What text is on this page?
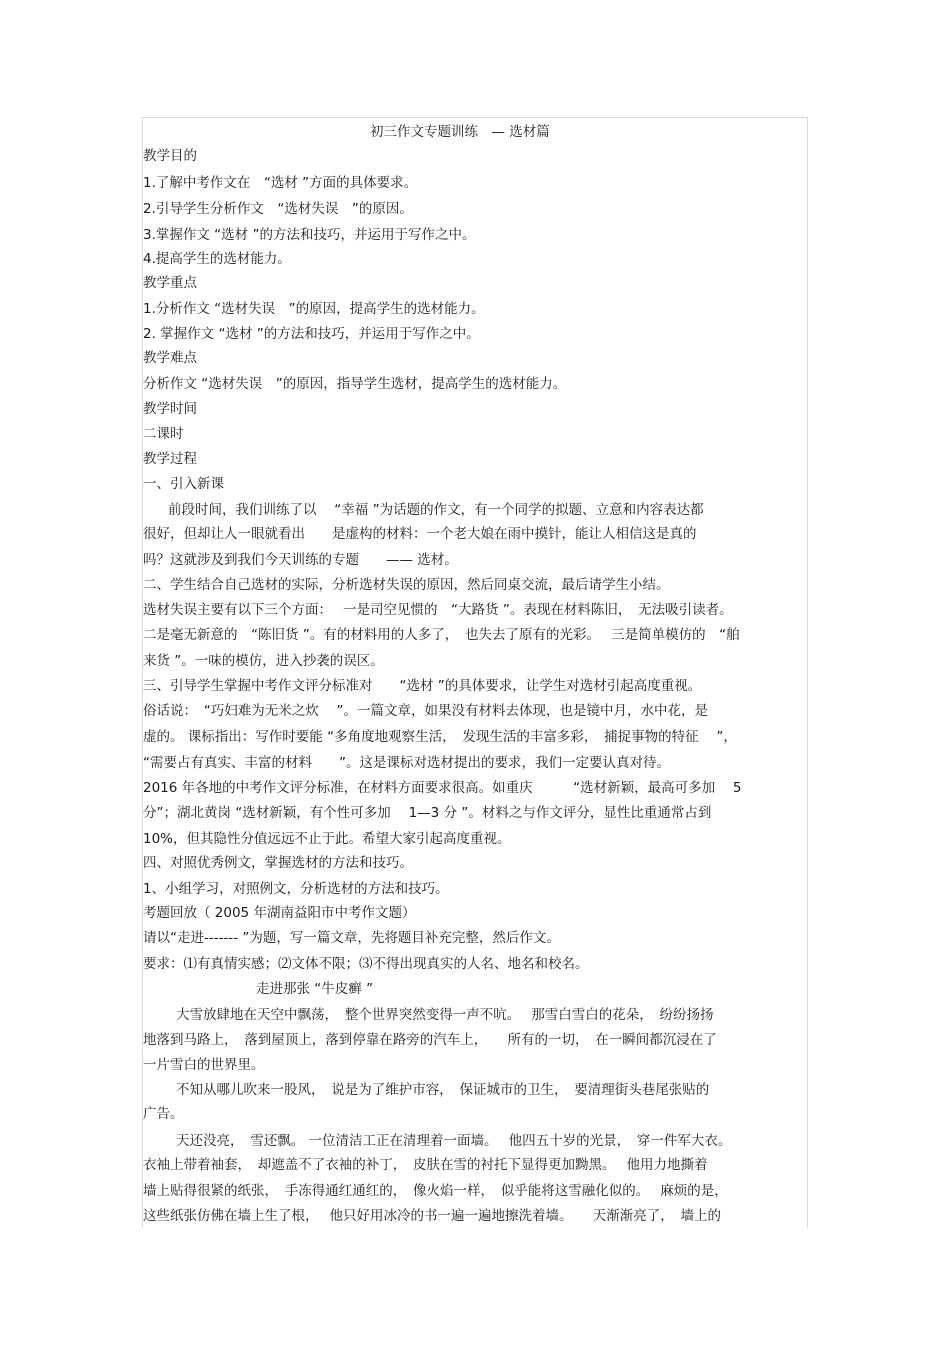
初三作文专题训练　— 选材篇
教学目的
1.了解中考作文在　“选材 ”方面的具体要求。
2.引导学生分析作文　“选材失误　”的原因。
3.掌握作文 “选材 ”的方法和技巧，并运用于写作之中。
4.提高学生的选材能力。
教学重点
1.分析作文 “选材失误　”的原因，提高学生的选材能力。
2. 掌握作文 “选材 ”的方法和技巧，并运用于写作之中。
教学难点
分析作文 “选材失误　”的原因，指导学生选材，提高学生的选材能力。
教学时间
二课时
教学过程
一、引入新课
前段时间，我们训练了以　 “幸福 ”为话题的作文，有一个同学的拟题、立意和内容表达都
很好，但却让人一眼就看出　　是虚构的材料：一个老大娘在雨中摸针，能让人相信这是真的
吗？这就涉及到我们今天训练的专题　　—— 选材。
二、学生结合自己选材的实际，分析选材失误的原因，然后同桌交流，最后请学生小结。
选材失误主要有以下三个方面：　 一是司空见惯的　“大路货 ”。表现在材料陈旧，　无法吸引读者。
二是毫无新意的　“陈旧货 ”。有的材料用的人多了，　也失去了原有的光彩。　 三是简单模仿的　“舶
来货 ”。一味的模仿，进入抄袭的误区。
三、引导学生掌握中考作文评分标准对　　“选材 ”的具体要求，让学生对选材引起高度重视。
俗话说：　“巧妇难为无米之炊　 ”。一篇文章，如果没有材料去体现，也是镜中月，水中花，是
虚的。 课标指出：写作时要能 “多角度地观察生活，　发现生活的丰富多彩，　捕捉事物的特征　 ”，
“需要占有真实、丰富的材料　　”。这是课标对选材提出的要求，我们一定要认真对待。
2016 年各地的中考作文评分标准，在材料方面要求很高。如重庆　　　“选材新颖，最高可多加　 5
分”；湖北黄岗 “选材新颖，有个性可多加　 1—3 分 ”。材料之与作文评分，显性比重通常占到
10%，但其隐性分值远远不止于此。希望大家引起高度重视。
四、对照优秀例文，掌握选材的方法和技巧。
1、小组学习，对照例文，分析选材的方法和技巧。
考题回放（ 2005 年湖南益阳市中考作文题）
请以“走进------- ”为题，写一篇文章，先将题目补充完整，然后作文。
要求：⑴有真情实感；⑵文体不限；⑶不得出现真实的人名、地名和校名。
走进那张 “牛皮癣 ”
大雪放肆地在天空中飘荡，　整个世界突然变得一声不吭。　 那雪白雪白的花朵，　纷纷扬扬
地落到马路上，　落到屋顶上，落到停靠在路旁的汽车上，　　所有的一切，　在一瞬间都沉浸在了
一片雪白的世界里。
不知从哪儿吹来一股风，　说是为了维护市容，　保证城市的卫生，　要清理街头巷尾张贴的
广告。
天还没亮，　雪还飘。 一位清洁工正在清理着一面墙。　 他四五十岁的光景，　穿一件军大衣。
衣袖上带着袖套，　却遮盖不了衣袖的补丁，　皮肤在雪的衬托下显得更加黝黑。　 他用力地撕着
墙上贴得很紧的纸张，　手冻得通红通红的，　像火焰一样，　似乎能将这雪融化似的。　 麻烦的是，
这些纸张仿佛在墙上生了根，　 他只好用冰冷的书一遍一遍地擦洗着墙。　　天渐渐亮了，　墙上的
